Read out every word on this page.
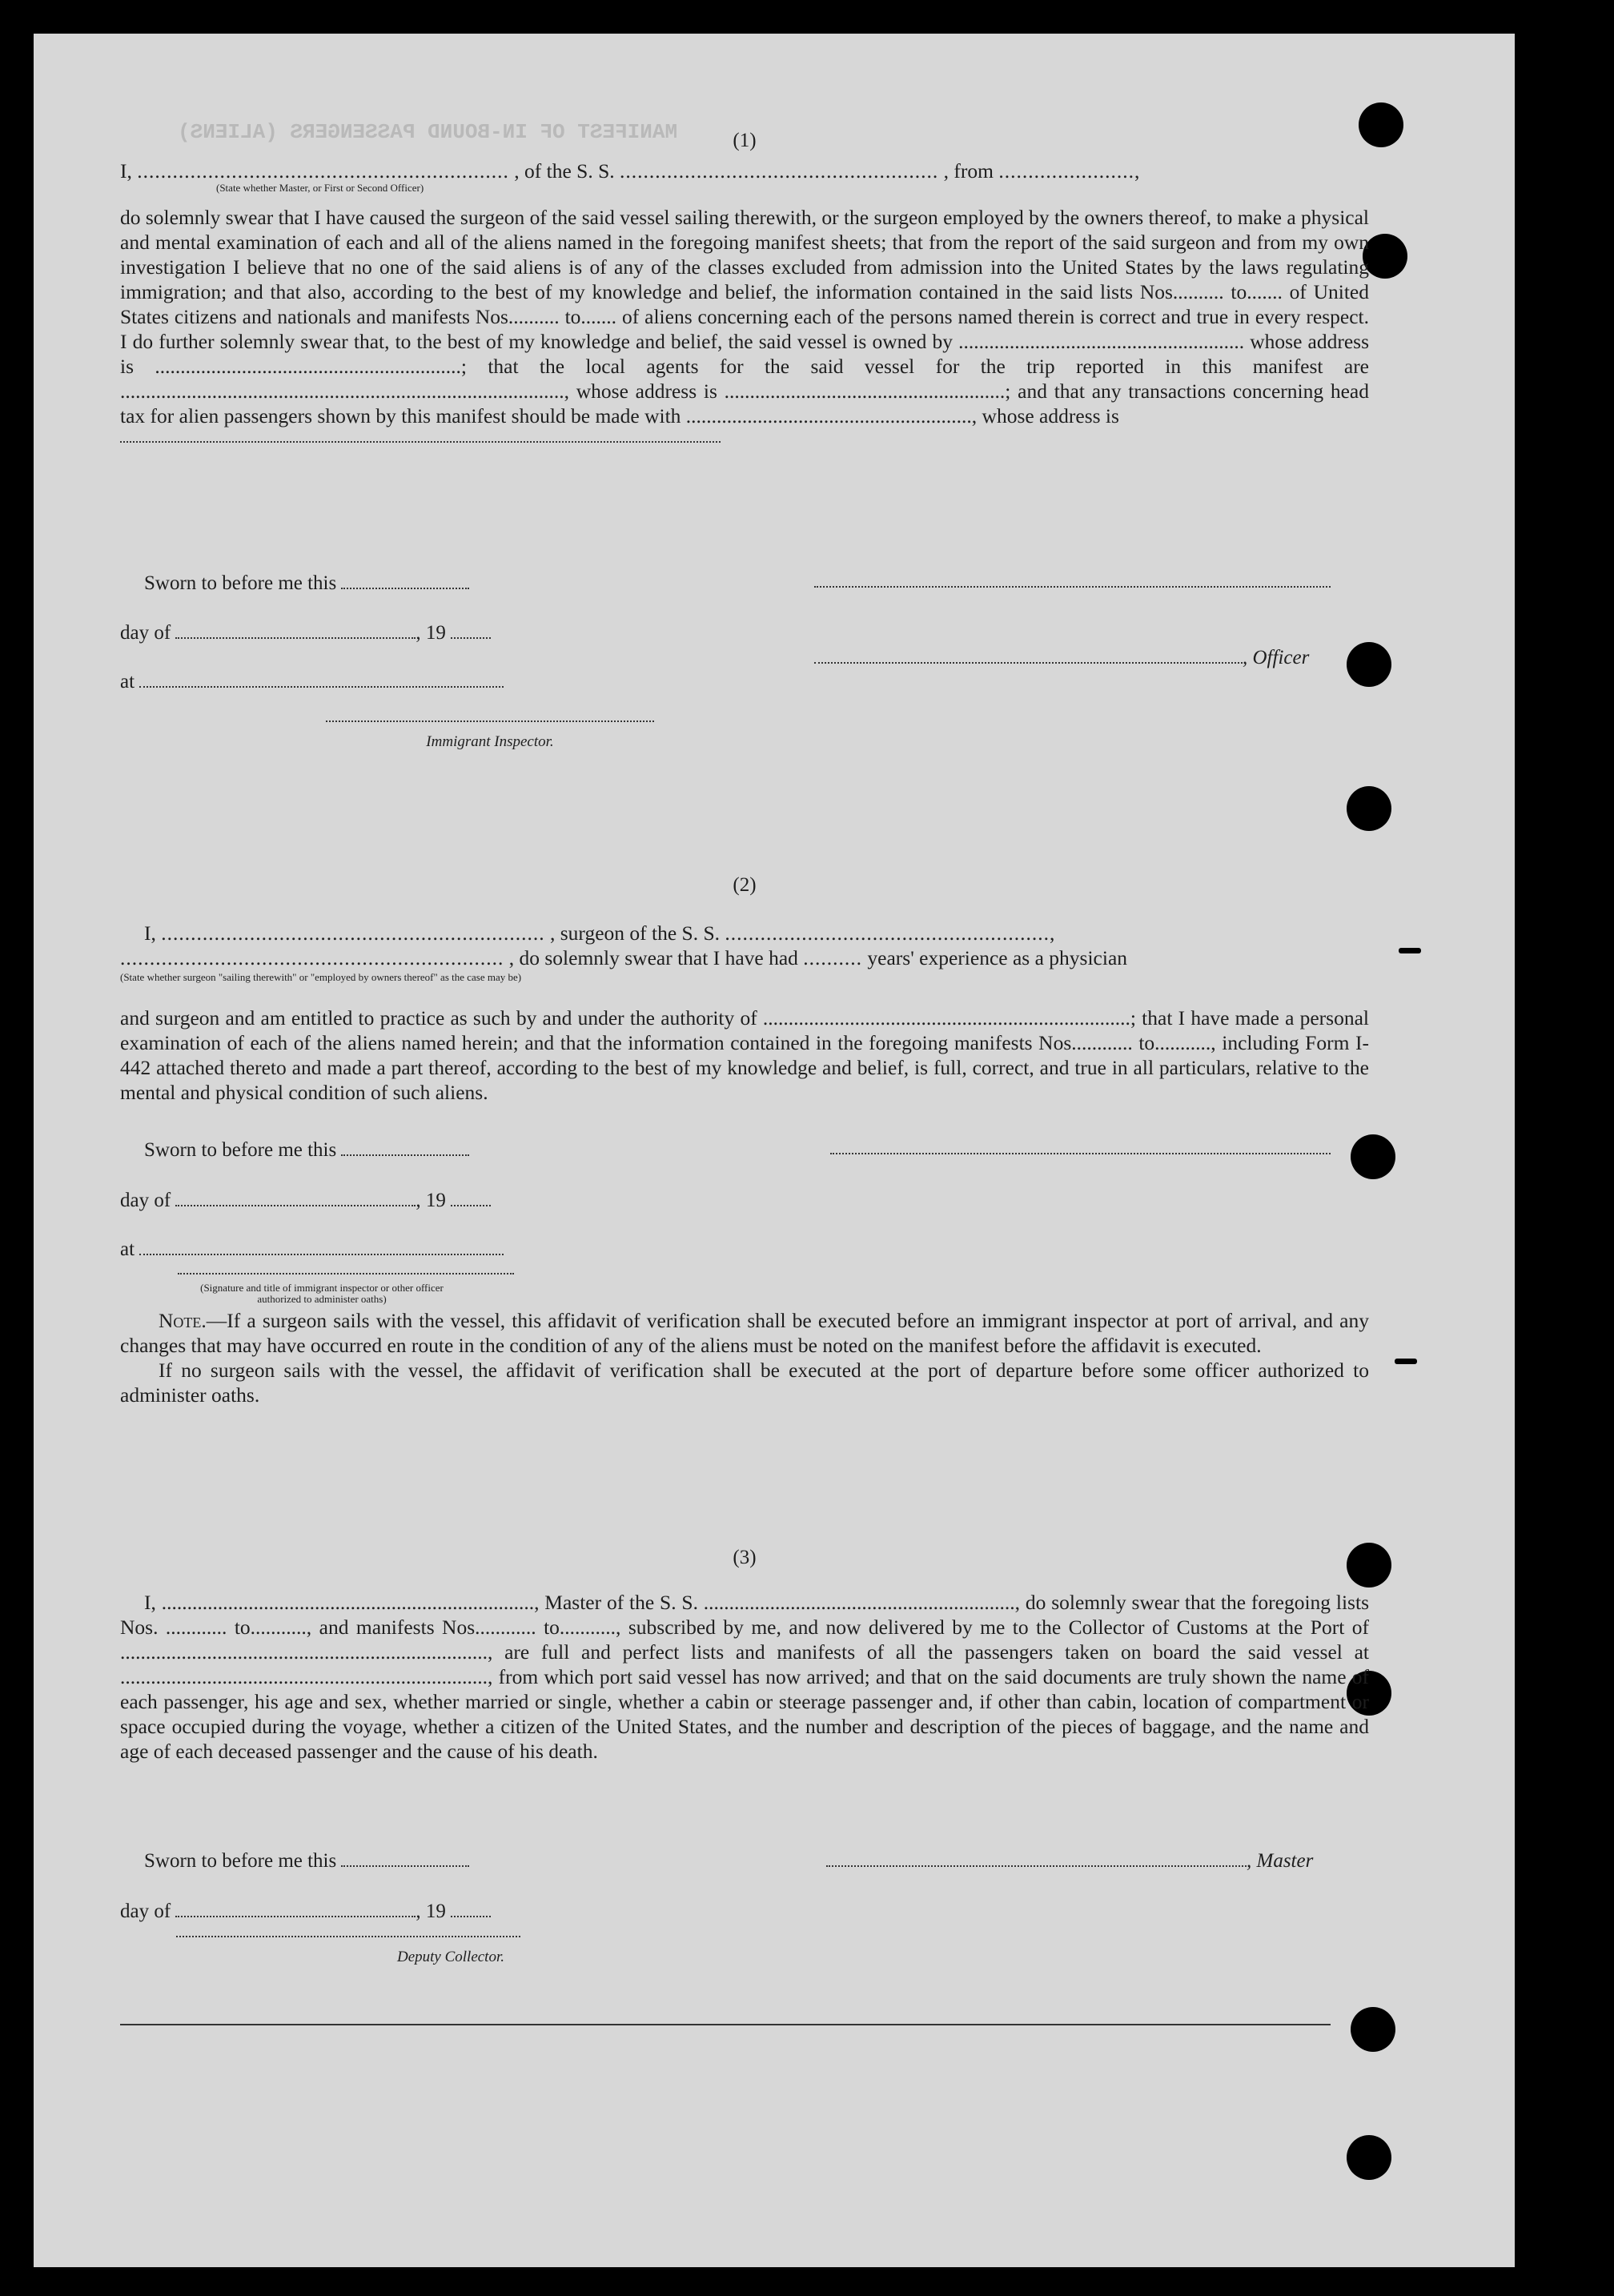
MANIFEST OF IN-BOUND PASSENGERS (ALIENS)	(1)
I, ............................................................... , of the S. S. ...................................................... , from .......................,
(State whether Master, or First or Second Officer)

do solemnly swear that I have caused the surgeon of the said vessel sailing therewith, or the surgeon employed by the owners thereof, to make a physical and mental examination of each and all of the aliens named in the foregoing manifest sheets; that from the report of the said surgeon and from my own investigation I believe that no one of the said aliens is of any of the classes excluded from admission into the United States by the laws regulating immigration; and that also, according to the best of my knowledge and belief, the information contained in the said lists Nos.......... to....... of United States citizens and nationals and manifests Nos.......... to....... of aliens concerning each of the persons named therein is correct and true in every respect. I do further solemnly swear that, to the best of my knowledge and belief, the said vessel is owned by ........................................................ whose address is ............................................................; that the local agents for the said vessel for the trip reported in this manifest are ......................................................................................., whose address is .......................................................; and that any transactions concerning head tax for alien passengers shown by this manifest should be made with ........................................................, whose address is

Sworn to before me this
day of	, 19
at
Immigrant Inspector.
, Officer
(2)
I, ................................................................. , surgeon of the S. S. .......................................................,
................................................................. , do solemnly swear that I have had .......... years' experience as a physician
(State whether surgeon "sailing therewith" or "employed by owners thereof" as the case may be)

and surgeon and am entitled to practice as such by and under the authority of ........................................................................; that I have made a personal examination of each of the aliens named herein; and that the information contained in the foregoing manifests Nos............ to..........., including Form I-442 attached thereto and made a part thereof, according to the best of my knowledge and belief, is full, correct, and true in all particulars, relative to the mental and physical condition of such aliens.

Sworn to before me this
day of	, 19
at
(Signature and title of immigrant inspector or other officer authorized to administer oaths)

Note.—If a surgeon sails with the vessel, this affidavit of verification shall be executed before an immigrant inspector at port of arrival, and any changes that may have occurred en route in the condition of any of the aliens must be noted on the manifest before the affidavit is executed.

If no surgeon sails with the vessel, the affidavit of verification shall be executed at the port of departure before some officer authorized to administer oaths.

(3)

I, ........................................................................., Master of the S. S. ............................................................., do solemnly swear that the foregoing lists Nos. ............ to..........., and manifests Nos............ to..........., subscribed by me, and now delivered by me to the Collector of Customs at the Port of ........................................................................, are full and perfect lists and manifests of all the passengers taken on board the said vessel at ........................................................................, from which port said vessel has now arrived; and that on the said documents are truly shown the name of each passenger, his age and sex, whether married or single, whether a cabin or steerage passenger and, if other than cabin, location of compartment or space occupied during the voyage, whether a citizen of the United States, and the number and description of the pieces of baggage, and the name and age of each deceased passenger and the cause of his death.

Sworn to before me this	, Master
day of	, 19
Deputy Collector.
